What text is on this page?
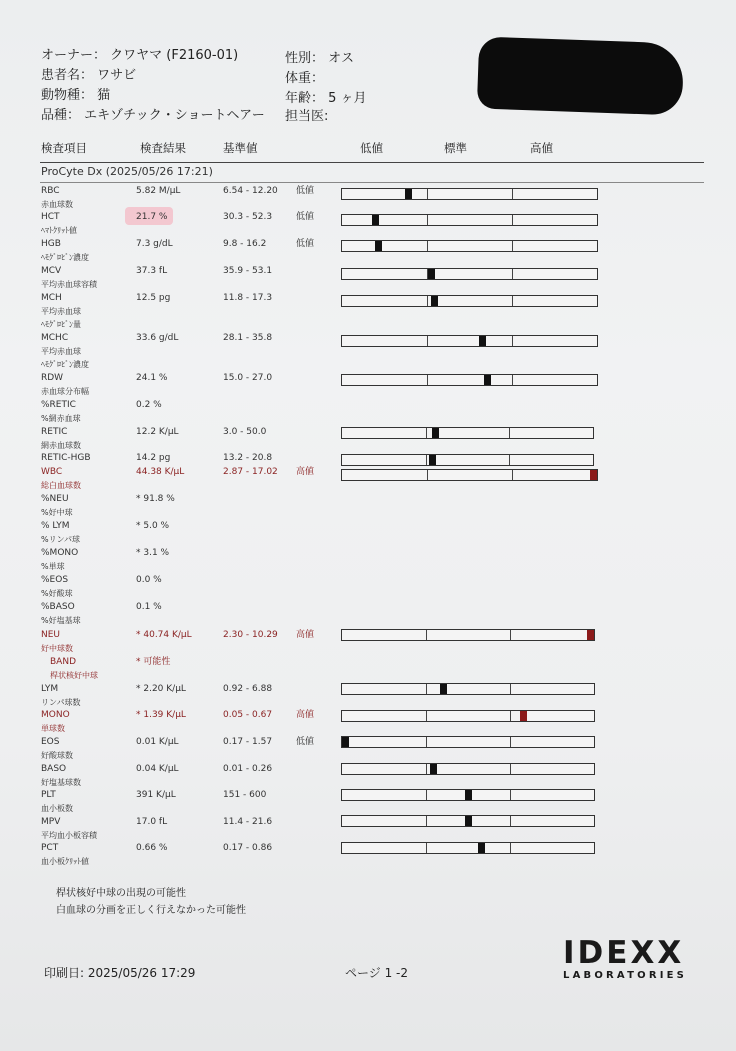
オーナー： クワヤマ (F2160-01)
患者名： ワサビ
動物種： 猫
品種： エキゾチック・ショートヘアー
性別： オス
体重：
年齢： 5 ヶ月
担当医:
検査項目	検査結果	基準値	低値	標準	高値
ProCyte Dx (2025/05/26 17:21)
RBC
赤血球数
5.82 M/μL	6.54 - 12.20 低値
HCT
ﾍﾏﾄｸﾘｯﾄ値
21.7 %	30.3 - 52.3	低値
HGB
ﾍﾓｸﾞﾛﾋﾞﾝ濃度
7.3 g/dL	9.8 - 16.2	低値
MCV
平均赤血球容積
37.3 fL	35.9 - 53.1
MCH
平均赤血球
ﾍﾓｸﾞﾛﾋﾞﾝ量
12.5 pg	11.8 - 17.3
MCHC
平均赤血球
ﾍﾓｸﾞﾛﾋﾞﾝ濃度
33.6 g/dL	28.1 - 35.8
RDW
赤血球分布幅
24.1 %	15.0 - 27.0
%RETIC
%網赤血球
0.2 %
RETIC
網赤血球数
12.2 K/μL	3.0 - 50.0
RETIC-HGB	14.2 pg	13.2 - 20.8
WBC
総白血球数
44.38 K/μL	2.87 - 17.02 高値
%NEU
%好中球
* 91.8 %
% LYM
%リンパ球
* 5.0 %
%MONO
%単球
* 3.1 %
%EOS
%好酸球
0.0 %
%BASO
%好塩基球
0.1 %
NEU
好中球数
* 40.74 K/μL	2.30 - 10.29 高値
BAND
桿状核好中球
* 可能性
LYM
リンパ球数
* 2.20 K/μL	0.92 - 6.88
MONO
単球数
* 1.39 K/μL	0.05 - 0.67	高値
EOS
好酸球数
0.01 K/μL	0.17 - 1.57	低値
BASO
好塩基球数
0.04 K/μL	0.01 - 0.26
PLT
血小板数
391 K/μL	151 - 600
MPV
平均血小板容積
17.0 fL	11.4 - 21.6
PCT
血小板ｸﾘｯﾄ値
0.66 %	0.17 - 0.86
桿状核好中球の出現の可能性
白血球の分画を正しく行えなかった可能性
印刷日: 2025/05/26 17:29	ページ 1 -2
IDEXX
LABORATORIES
